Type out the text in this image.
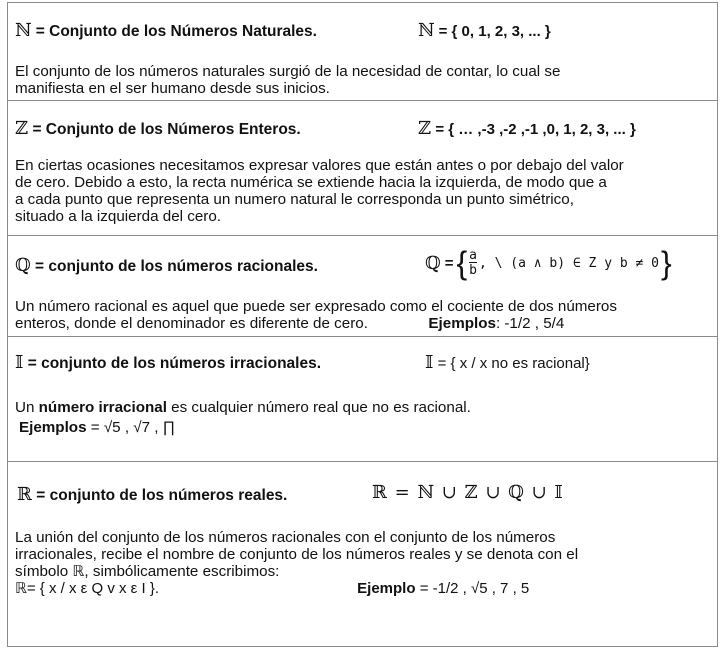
ℕ = Conjunto de los Números Naturales.	ℕ = { 0, 1, 2, 3, ... }
El conjunto de los números naturales surgió de la necesidad de contar, lo cual se
manifiesta en el ser humano desde sus inicios.
ℤ = Conjunto de los Números Enteros.	ℤ = { … ,-3 ,-2 ,-1 ,0, 1, 2, 3, ... }
En ciertas ocasiones necesitamos expresar valores que están antes o por debajo del valor
de cero. Debido a esto, la recta numérica se extiende hacia la izquierda, de modo que a
a cada punto que representa un numero natural le corresponda un punto simétrico,
situado a la izquierda del cero.
ℚ = conjunto de los números racionales.	ℚ = { $\frac{a}{b}$ , \ (a ∧ b) ∈ Z y b ≠ 0 }
Un número racional es aquel que puede ser expresado como el cociente de dos números
enteros, donde el denominador es diferente de cero.	Ejemplos: -1/2 , 5/4
𝕀 = conjunto de los números irracionales.	𝕀 = { x / x no es racional}
Un número irracional es cualquier número real que no es racional.
Ejemplos = √5 , √7 , ∏
ℝ = conjunto de los números reales.	ℝ = ℕ ∪ ℤ ∪ ℚ ∪ 𝕀
La unión del conjunto de los números racionales con el conjunto de los números
irracionales, recibe el nombre de conjunto de los números reales y se denota con el
símbolo ℝ, simbólicamente escribimos:
ℝ= { x / x ε Q v x ε I }.	Ejemplo = -1/2 , √5 , 7 , 5
